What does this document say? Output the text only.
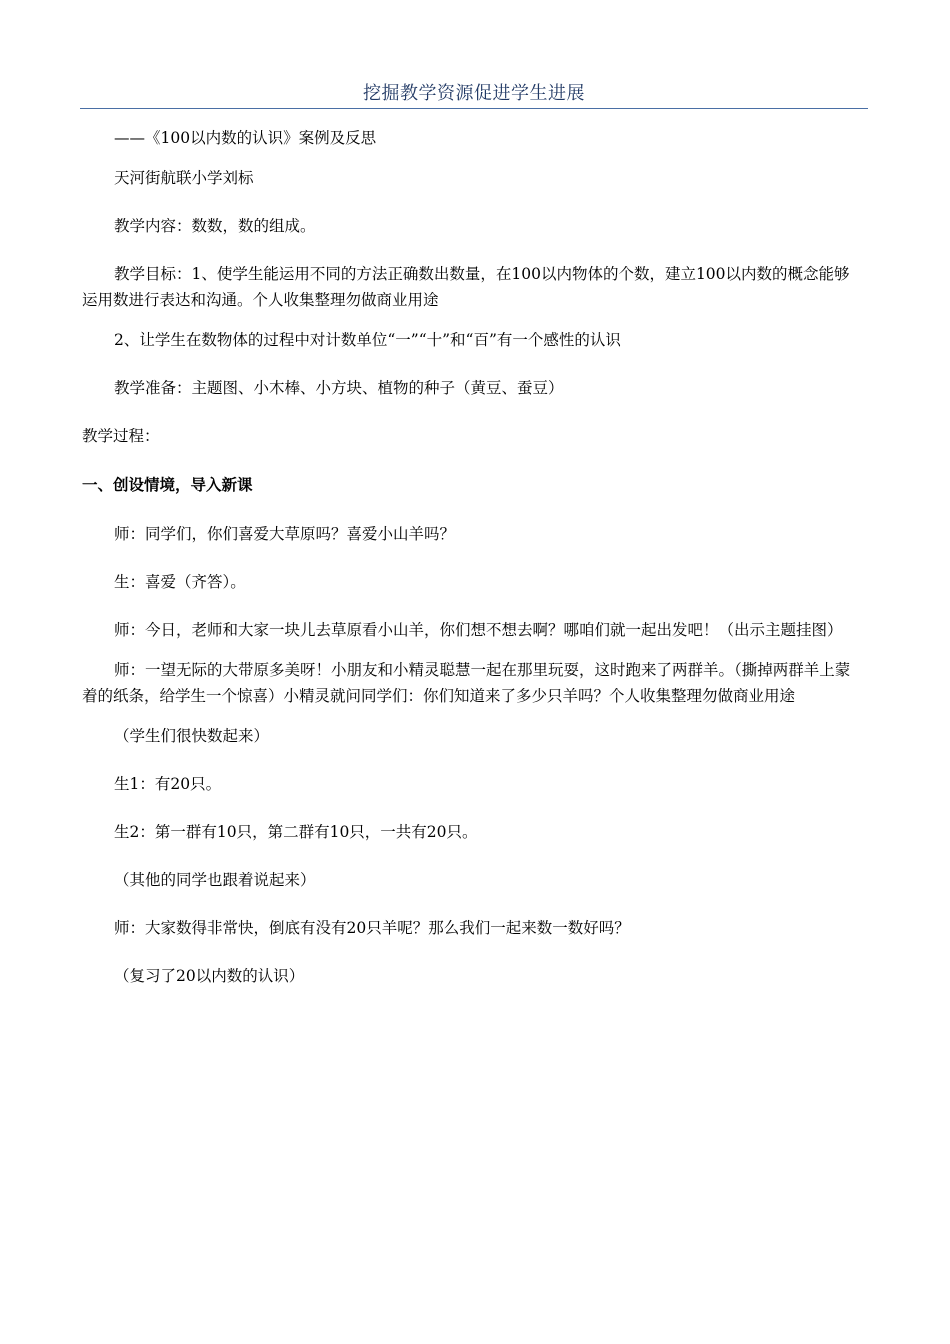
挖掘教学资源促进学生进展

——《100以内数的认识》案例及反思

天河街航联小学刘标

教学内容：数数，数的组成。

教学目标：1、使学生能运用不同的方法正确数出数量，在100以内物体的个数，建立100以内数的概念能够运用数进行表达和沟通。个人收集整理勿做商业用途

2、让学生在数物体的过程中对计数单位“一”“十”和“百”有一个感性的认识

教学准备：主题图、小木棒、小方块、植物的种子（黄豆、蚕豆）

教学过程：

一、创设情境，导入新课

师：同学们，你们喜爱大草原吗？喜爱小山羊吗？

生：喜爱（齐答）。

师：今日，老师和大家一块儿去草原看小山羊，你们想不想去啊？哪咱们就一起出发吧！（出示主题挂图）

师：一望无际的大带原多美呀！小朋友和小精灵聪慧一起在那里玩耍，这时跑来了两群羊。（撕掉两群羊上蒙着的纸条，给学生一个惊喜）小精灵就问同学们：你们知道来了多少只羊吗？个人收集整理勿做商业用途

（学生们很快数起来）

生1：有20只。

生2：第一群有10只，第二群有10只，一共有20只。

（其他的同学也跟着说起来）

师：大家数得非常快，倒底有没有20只羊呢？那么我们一起来数一数好吗？

（复习了20以内数的认识）
